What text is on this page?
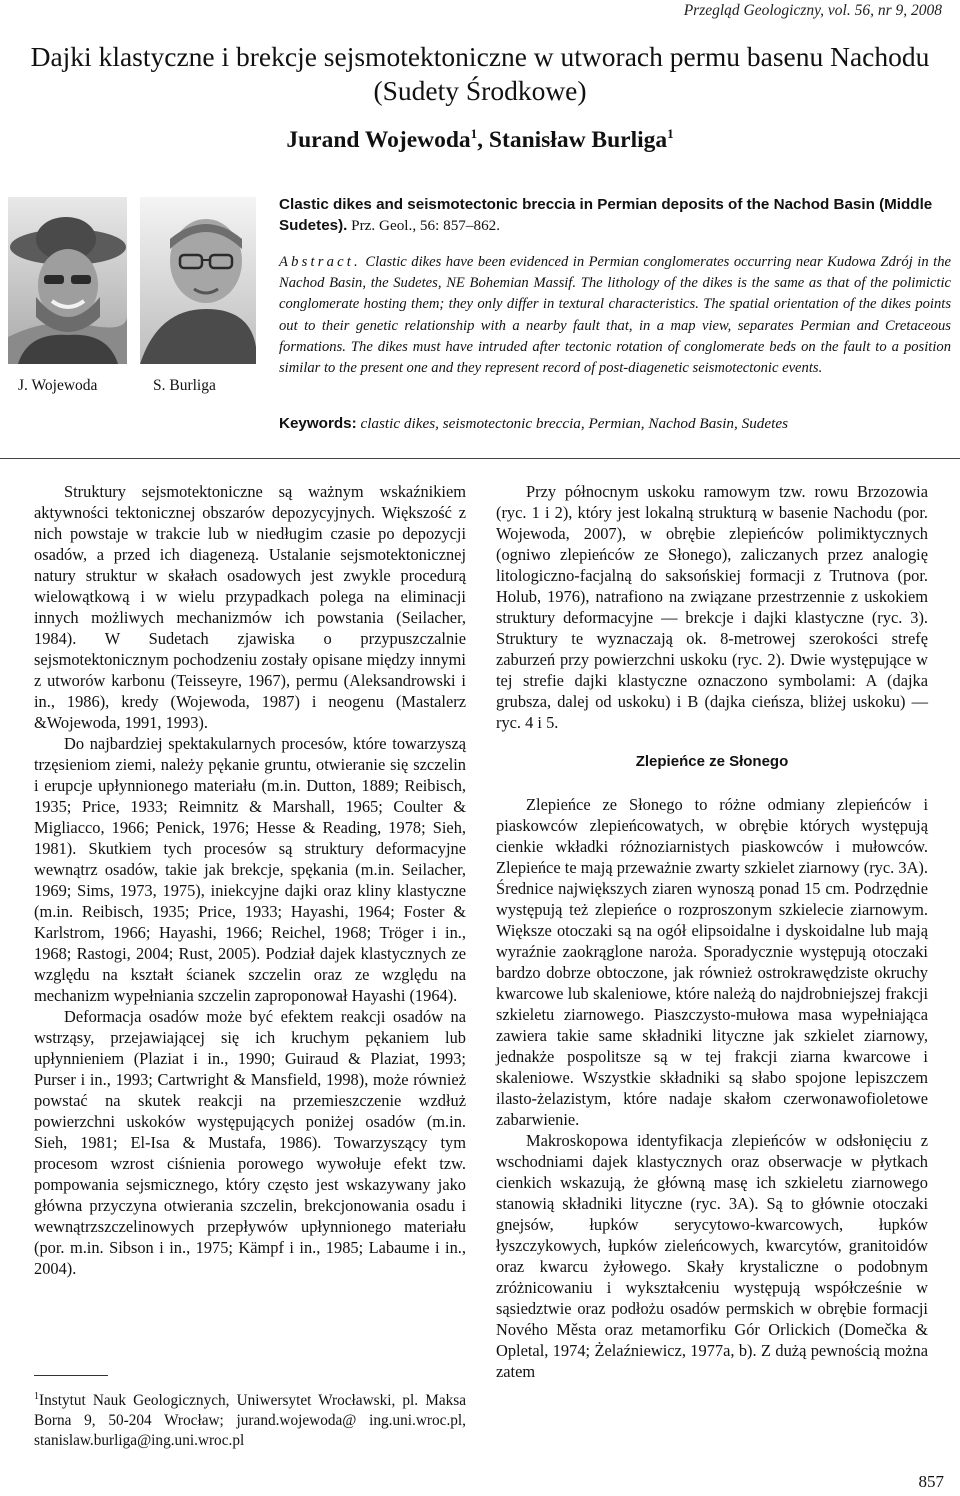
Przegląd Geologiczny, vol. 56, nr 9, 2008
Dajki klastyczne i brekcje sejsmotektoniczne w utworach permu basenu Nachodu
(Sudety Środkowe)
Jurand Wojewoda$^1$, Stanisław Burliga$^1$
J. Wojewoda	S. Burliga
Clastic dikes and seismotectonic breccia in Permian deposits of the Nachod Basin (Middle Sudetes). Prz. Geol., 56: 857–862.
Abstract. Clastic dikes have been evidenced in Permian conglomerates occurring near Kudowa Zdrój in the Nachod Basin, the Sudetes, NE Bohemian Massif. The lithology of the dikes is the same as that of the polimictic conglomerate hosting them; they only differ in textural characteristics. The spatial orientation of the dikes points out to their genetic relationship with a nearby fault that, in a map view, separates Permian and Cretaceous formations. The dikes must have intruded after tectonic rotation of conglomerate beds on the fault to a position similar to the present one and they represent record of post-diagenetic seismotectonic events.
Keywords: clastic dikes, seismotectonic breccia, Permian, Nachod Basin, Sudetes

Struktury sejsmotektoniczne są ważnym wskaźnikiem aktywności tektonicznej obszarów depozycyjnych. Większość z nich powstaje w trakcie lub w niedługim czasie po depozycji osadów, a przed ich diagenezą. Ustalanie sejsmotektonicznej natury struktur w skałach osadowych jest zwykle procedurą wielowątkową i w wielu przypadkach polega na eliminacji innych możliwych mechanizmów ich powstania (Seilacher, 1984). W Sudetach zjawiska o przypuszczalnie sejsmotektonicznym pochodzeniu zostały opisane między innymi z utworów karbonu (Teisseyre, 1967), permu (Aleksandrowski i in., 1986), kredy (Wojewoda, 1987) i neogenu (Mastalerz &Wojewoda, 1991, 1993).

Do najbardziej spektakularnych procesów, które towarzyszą trzęsieniom ziemi, należy pękanie gruntu, otwieranie się szczelin i erupcje upłynnionego materiału (m.in. Dutton, 1889; Reibisch, 1935; Price, 1933; Reimnitz & Marshall, 1965; Coulter & Migliacco, 1966; Penick, 1976; Hesse & Reading, 1978; Sieh, 1981). Skutkiem tych procesów są struktury deformacyjne wewnątrz osadów, takie jak brekcje, spękania (m.in. Seilacher, 1969; Sims, 1973, 1975), iniekcyjne dajki oraz kliny klastyczne (m.in. Reibisch, 1935; Price, 1933; Hayashi, 1964; Foster & Karlstrom, 1966; Hayashi, 1966; Reichel, 1968; Tröger i in., 1968; Rastogi, 2004; Rust, 2005). Podział dajek klastycznych ze względu na kształt ścianek szczelin oraz ze względu na mechanizm wypełniania szczelin zaproponował Hayashi (1964).

Deformacja osadów może być efektem reakcji osadów na wstrząsy, przejawiającej się ich kruchym pękaniem lub upłynnieniem (Plaziat i in., 1990; Guiraud & Plaziat, 1993; Purser i in., 1993; Cartwright & Mansfield, 1998), może również powstać na skutek reakcji na przemieszczenie wzdłuż powierzchni uskoków występujących poniżej osadów (m.in. Sieh, 1981; El-Isa & Mustafa, 1986). Towarzyszący tym procesom wzrost ciśnienia porowego wywołuje efekt tzw. pompowania sejsmicznego, który często jest wskazywany jako główna przyczyna otwierania szczelin, brekcjonowania osadu i wewnątrzszczelinowych przepływów upłynnionego materiału (por. m.in. Sibson i in., 1975; Kämpf i in., 1985; Labaume i in., 2004).

Przy północnym uskoku ramowym tzw. rowu Brzozowia (ryc. 1 i 2), który jest lokalną strukturą w basenie Nachodu (por. Wojewoda, 2007), w obrębie zlepieńców polimiktycznych (ogniwo zlepieńców ze Słonego), zaliczanych przez analogię litologiczno-facjalną do saksońskiej formacji z Trutnova (por. Holub, 1976), natrafiono na związane przestrzennie z uskokiem struktury deformacyjne — brekcje i dajki klastyczne (ryc. 3). Struktury te wyznaczają ok. 8-metrowej szerokości strefę zaburzeń przy powierzchni uskoku (ryc. 2). Dwie występujące w tej strefie dajki klastyczne oznaczono symbolami: A (dajka grubsza, dalej od uskoku) i B (dajka cieńsza, bliżej uskoku) — ryc. 4 i 5.

Zlepieńce ze Słonego

Zlepieńce ze Słonego to różne odmiany zlepieńców i piaskowców zlepieńcowatych, w obrębie których występują cienkie wkładki różnoziarnistych piaskowców i mułowców. Zlepieńce te mają przeważnie zwarty szkielet ziarnowy (ryc. 3A). Średnice największych ziaren wynoszą ponad 15 cm. Podrzędnie występują też zlepieńce o rozproszonym szkielecie ziarnowym. Większe otoczaki są na ogół elipsoidalne i dyskoidalne lub mają wyraźnie zaokrąglone naroża. Sporadycznie występują otoczaki bardzo dobrze obtoczone, jak również ostrokrawędziste okruchy kwarcowe lub skaleniowe, które należą do najdrobniejszej frakcji szkieletu ziarnowego. Piaszczysto-mułowa masa wypełniająca zawiera takie same składniki lityczne jak szkielet ziarnowy, jednakże pospolitsze są w tej frakcji ziarna kwarcowe i skaleniowe. Wszystkie składniki są słabo spojone lepiszczem ilasto-żelazistym, które nadaje skałom czerwonawofioletowe zabarwienie.

Makroskopowa identyfikacja zlepieńców w odsłonięciu z wschodniami dajek klastycznych oraz obserwacje w płytkach cienkich wskazują, że główną masę ich szkieletu ziarnowego stanowią składniki lityczne (ryc. 3A). Są to głównie otoczaki gnejsów, łupków serycytowo-kwarcowych, łupków łyszczykowych, łupków zieleńcowych, kwarcytów, granitoidów oraz kwarcu żyłowego. Skały krystaliczne o podobnym zróżnicowaniu i wykształceniu występują współcześnie w sąsiedztwie oraz podłożu osadów permskich w obrębie formacji Nového Města oraz metamorfiku Gór Orlickich (Domečka & Opletal, 1974; Żelaźniewicz, 1977a, b). Z dużą pewnością można zatem

$^1$Instytut Nauk Geologicznych, Uniwersytet Wrocławski, pl. Maksa Borna 9, 50-204 Wrocław; jurand.wojewoda@ ing.uni.wroc.pl, stanislaw.burliga@ing.uni.wroc.pl
857
